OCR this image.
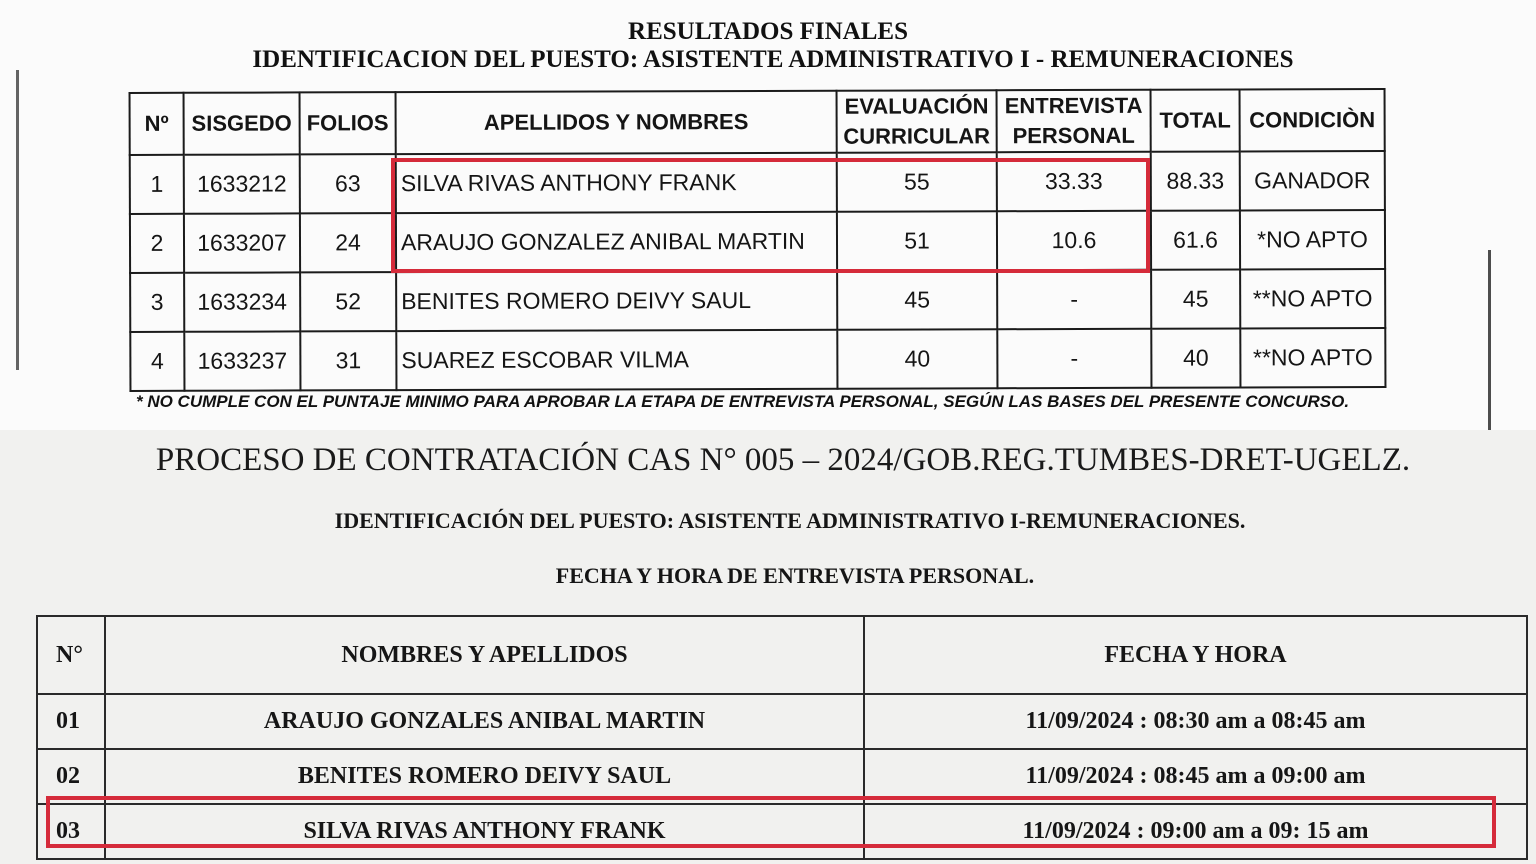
RESULTADOS FINALES
IDENTIFICACION DEL PUESTO: ASISTENTE ADMINISTRATIVO I - REMUNERACIONES
Nº	SISGEDO	FOLIOS	APELLIDOS Y NOMBRES	EVALUACIÓN CURRICULAR	ENTREVISTA PERSONAL	TOTAL	CONDICIÒN
1	1633212	63	SILVA RIVAS ANTHONY FRANK	55	33.33	88.33	GANADOR
2	1633207	24	ARAUJO GONZALEZ ANIBAL MARTIN	51	10.6	61.6	*NO APTO
3	1633234	52	BENITES ROMERO DEIVY SAUL	45	-	45	**NO APTO
4	1633237	31	SUAREZ ESCOBAR VILMA	40	-	40	**NO APTO
* NO CUMPLE CON EL PUNTAJE MINIMO PARA APROBAR LA ETAPA DE ENTREVISTA PERSONAL, SEGÚN LAS BASES DEL PRESENTE CONCURSO.
PROCESO DE CONTRATACIÓN CAS N° 005 – 2024/GOB.REG.TUMBES-DRET-UGELZ.
IDENTIFICACIÓN DEL PUESTO: ASISTENTE ADMINISTRATIVO I-REMUNERACIONES.
FECHA Y HORA DE ENTREVISTA PERSONAL.
N°	NOMBRES Y APELLIDOS	FECHA Y HORA
01	ARAUJO GONZALES ANIBAL MARTIN	11/09/2024 : 08:30 am a 08:45 am
02	BENITES ROMERO DEIVY SAUL	11/09/2024 : 08:45 am a 09:00 am
03	SILVA RIVAS ANTHONY FRANK	11/09/2024 : 09:00 am a 09: 15 am
